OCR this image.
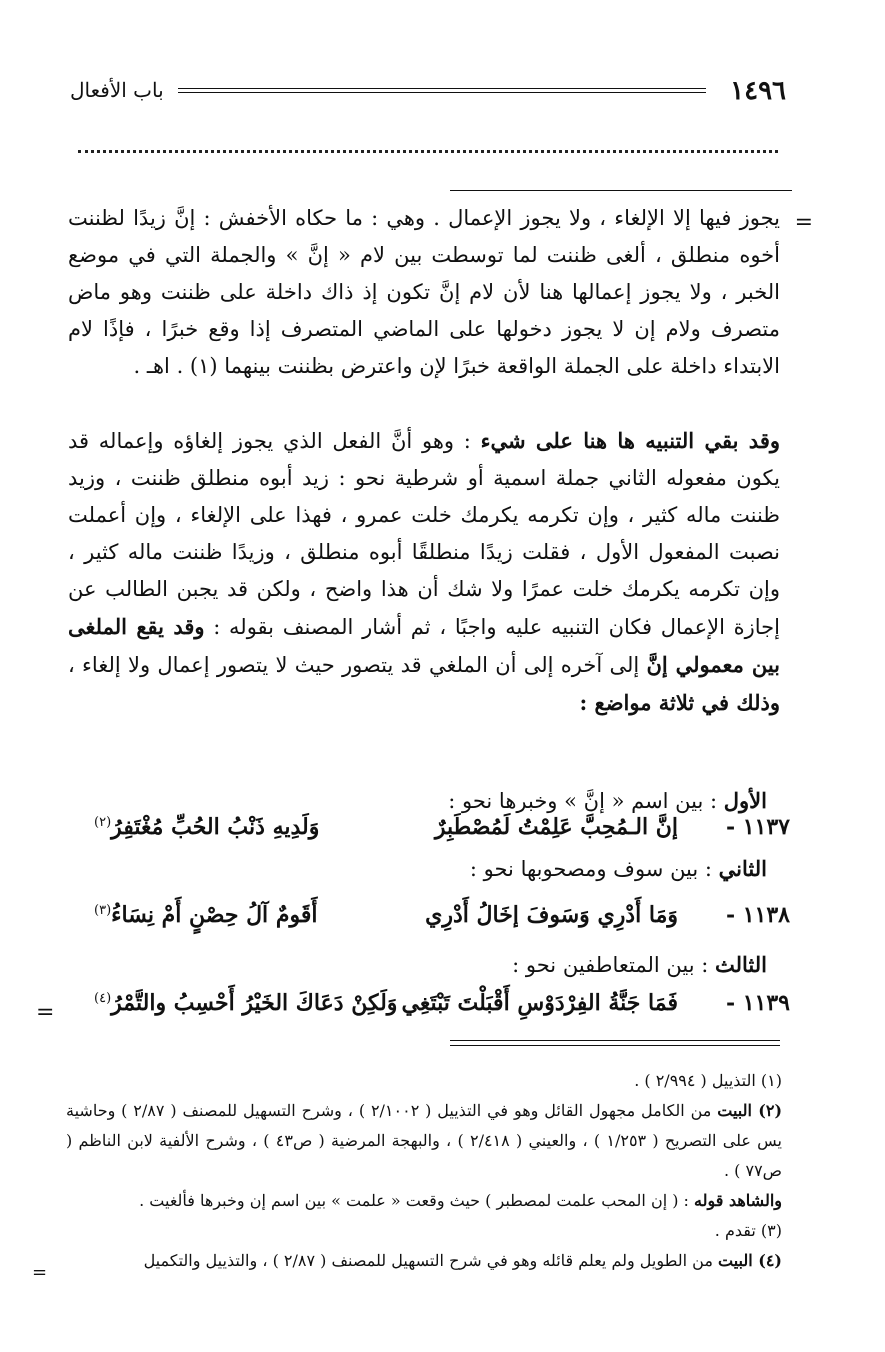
١٤٩٦
باب الأفعال
=
يجوز فيها إلا الإلغاء ، ولا يجوز الإعمال . وهي : ما حكاه الأخفش : إنَّ زيدًا لظننت أخوه منطلق ، ألغى ظننت لما توسطت بين لام « إنَّ » والجملة التي في موضع الخبر ، ولا يجوز إعمالها هنا لأن لام إنَّ تكون إذ ذاك داخلة على ظننت وهو ماض متصرف ولام إن لا يجوز دخولها على الماضي المتصرف إذا وقع خبرًا ، فإذًا لام الابتداء داخلة على الجملة الواقعة خبرًا لإن واعترض بظننت بينهما (١) . اهـ .
وقد بقي التنبيه ها هنا على شيء : وهو أنَّ الفعل الذي يجوز إلغاؤه وإعماله قد يكون مفعوله الثاني جملة اسمية أو شرطية نحو : زيد أبوه منطلق ظننت ، وزيد ظننت ماله كثير ، وإن تكرمه يكرمك خلت عمرو ، فهذا على الإلغاء ، وإن أعملت نصبت المفعول الأول ، فقلت زيدًا منطلقًا أبوه منطلق ، وزيدًا ظننت ماله كثير ، وإن تكرمه يكرمك خلت عمرًا ولا شك أن هذا واضح ، ولكن قد يجبن الطالب عن إجازة الإعمال فكان التنبيه عليه واجبًا ، ثم أشار المصنف بقوله : وقد يقع الملغى بين معمولي إنَّ إلى آخره إلى أن الملغي قد يتصور حيث لا يتصور إعمال ولا إلغاء ، وذلك في ثلاثة مواضع :
الأول : بين اسم « إنَّ » وخبرها نحو :
١١٣٧ -
إنَّ الـمُحِبَّ عَلِمْتُ لَمُصْطَبِرٌ
وَلَدِيهِ ذَنْبُ الحُبِّ مُغْتَفِرُ$^{(٢)}$
الثاني : بين سوف ومصحوبها نحو :
١١٣٨ -
وَمَا أَدْرِي وَسَوفَ إخَالُ أَدْرِي
أَقَومٌ آلُ حِصْنٍ أَمْ نِسَاءُ$^{(٣)}$
الثالث : بين المتعاطفين نحو :
١١٣٩ -
فَمَا جَنَّةُ الفِرْدَوْسِ أَقْبَلْتَ تَبْتَغِي
وَلَكِنْ دَعَاكَ الخَيْرُ أَحْسِبُ والتَّمْرُ$^{(٤)}$
=

(١) التذييل ( ٢/٩٩٤ ) .

(٢) البيت من الكامل مجهول القائل وهو في التذييل ( ٢/١٠٠٢ ) ، وشرح التسهيل للمصنف ( ٢/٨٧ ) وحاشية يس على التصريح ( ١/٢٥٣ ) ، والعيني ( ٢/٤١٨ ) ، والبهجة المرضية ( ص٤٣ ) ، وشرح الألفية لابن الناظم ( ص٧٧ ) .

والشاهد قوله : ( إن المحب علمت لمصطبر ) حيث وقعت « علمت » بين اسم إن وخبرها فألغيت .

(٣) تقدم .

(٤) البيت من الطويل ولم يعلم قائله وهو في شرح التسهيل للمصنف ( ٢/٨٧ ) ، والتذييل والتكميل

=
